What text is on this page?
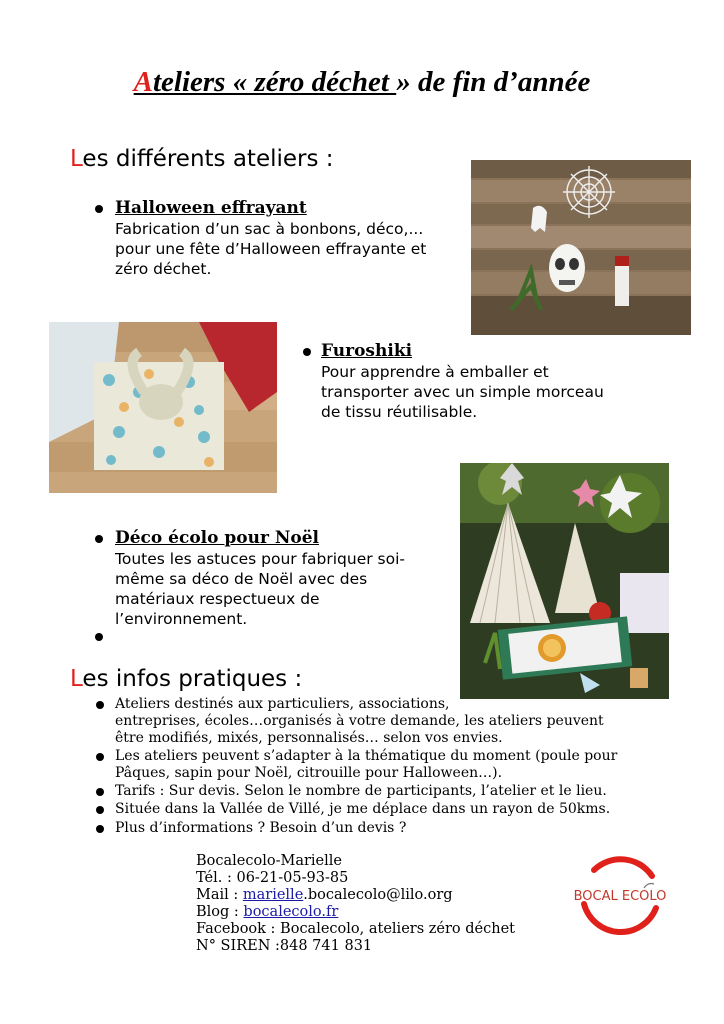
Ateliers « zéro déchet » de fin d’année
Les différents ateliers :
Halloween effrayant
Fabrication d’un sac à bonbons, déco,...
pour une fête d’Halloween effrayante et
zéro déchet.
Furoshiki
Pour apprendre à emballer et
transporter avec un simple morceau
de tissu réutilisable.
Déco écolo pour Noël
Toutes les astuces pour fabriquer soi-
même sa déco de Noël avec des
matériaux respectueux de
l’environnement.
Les infos pratiques :
Ateliers destinés aux particuliers, associations,
entreprises, écoles…organisés à votre demande, les ateliers peuvent
être modifiés, mixés, personnalisés… selon vos envies.
Les ateliers peuvent s’adapter à la thématique du moment (poule pour
Pâques, sapin pour Noël, citrouille pour Halloween…).
Tarifs : Sur devis. Selon le nombre de participants, l’atelier et le lieu.
Située dans la Vallée de Villé, je me déplace dans un rayon de 50kms.
Plus d’informations ? Besoin d’un devis ?
Bocalecolo-Marielle
Tél. : 06-21-05-93-85
Mail : marielle.bocalecolo@lilo.org
Blog : bocalecolo.fr
Facebook : Bocalecolo, ateliers zéro déchet
N° SIREN :848 741 831
BOCAL ECOLO
